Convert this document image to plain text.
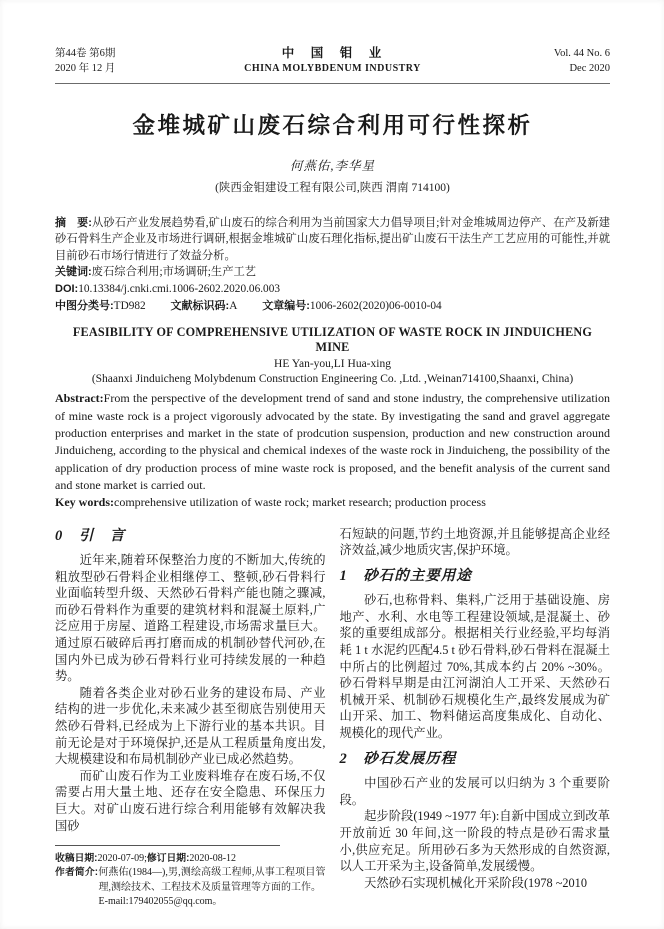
第44卷 第6期
2020 年 12 月
中　国　钼　业
CHINA MOLYBDENUM INDUSTRY
Vol. 44 No. 6
Dec 2020
金堆城矿山废石综合利用可行性探析
何燕佑,李华星
(陕西金钼建设工程有限公司,陕西 渭南 714100)

摘　要:从砂石产业发展趋势看,矿山废石的综合利用为当前国家大力倡导项目;针对金堆城周边停产、在产及新建砂石骨料生产企业及市场进行调研,根据金堆城矿山废石理化指标,提出矿山废石干法生产工艺应用的可能性,并就目前砂石市场行情进行了效益分析。

关键词:废石综合利用;市场调研;生产工艺

DOI:10.13384/j.cnki.cmi.1006-2602.2020.06.003

中图分类号:TD982 文献标识码:A 文章编号:1006-2602(2020)06-0010-04

FEASIBILITY OF COMPREHENSIVE UTILIZATION OF WASTE ROCK IN JINDUICHENG MINE
HE Yan-you,LI Hua-xing
(Shaanxi Jinduicheng Molybdenum Construction Engineering Co. ,Ltd. ,Weinan714100,Shaanxi, China)

Abstract:From the perspective of the development trend of sand and stone industry, the comprehensive utilization of mine waste rock is a project vigorously advocated by the state. By investigating the sand and gravel aggregate production enterprises and market in the state of prodcution suspension, production and new construction around Jinduicheng, according to the physical and chemical indexes of the waste rock in Jinduicheng, the possibility of the application of dry production process of mine waste rock is proposed, and the benefit analysis of the current sand and stone market is carried out.

Key words:comprehensive utilization of waste rock; market research; production process

0　引　言

近年来,随着环保整治力度的不断加大,传统的粗放型砂石骨料企业相继停工、整顿,砂石骨料行业面临转型升级、天然砂石骨料产能也随之骤减,而砂石骨料作为重要的建筑材料和混凝土原料,广泛应用于房屋、道路工程建设,市场需求量巨大。通过原石破碎后再打磨而成的机制砂替代河砂,在国内外已成为砂石骨料行业可持续发展的一种趋势。

随着各类企业对砂石业务的建设布局、产业结构的进一步优化,未来减少甚至彻底告别使用天然砂石骨料,已经成为上下游行业的基本共识。目前无论是对于环境保护,还是从工程质量角度出发,大规模建设和布局机制砂产业已成必然趋势。

而矿山废石作为工业废料堆存在废石场,不仅需要占用大量土地、还存在安全隐患、环保压力巨大。对矿山废石进行综合利用能够有效解决我国砂

收稿日期:2020-07-09;修订日期:2020-08-12

作者简介:何燕佑(1984—),男,测绘高级工程师,从事工程项目管理,测绘技术、工程技术及质量管理等方面的工作。

E-mail:179402055@qq.com。

石短缺的问题,节约土地资源,并且能够提高企业经济效益,减少地质灾害,保护环境。

1　砂石的主要用途

砂石,也称骨料、集料,广泛用于基础设施、房地产、水利、水电等工程建设领域,是混凝土、砂浆的重要组成部分。根据相关行业经验,平均每消耗 1 t 水泥约匹配4.5 t 砂石骨料,砂石骨料在混凝土中所占的比例超过 70%,其成本约占 20% ~30%。砂石骨料早期是由江河湖泊人工开采、天然砂石机械开采、机制砂石规模化生产,最终发展成为矿山开采、加工、物料储运高度集成化、自动化、规模化的现代产业。

2　砂石发展历程

中国砂石产业的发展可以归纳为 3 个重要阶段。

起步阶段(1949 ~1977 年):自新中国成立到改革开放前近 30 年间,这一阶段的特点是砂石需求量小,供应充足。所用砂石多为天然形成的自然资源,以人工开采为主,设备简单,发展缓慢。

天然砂石实现机械化开采阶段(1978 ~2010
